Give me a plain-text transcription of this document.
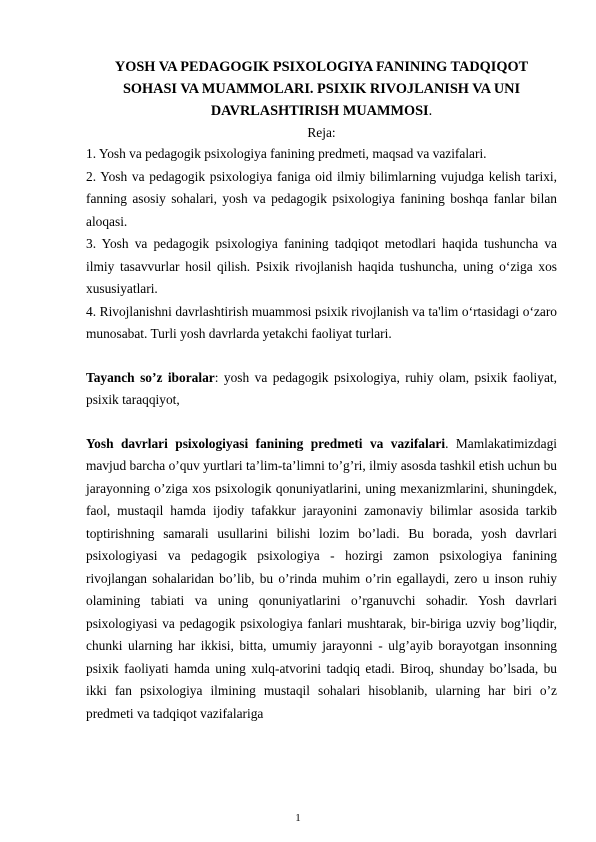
YOSH VA PEDAGOGIK PSIXOLOGIYA FANINING TADQIQOT SOHASI VA MUAMMOLARI. PSIXIK RIVOJLANISH VA UNI DAVRLASHTIRISH MUAMMOSI.
Reja:

1. Yosh va pedagogik psixologiya fanining predmeti, maqsad va vazifalari.

2. Yosh va pedagogik psixologiya faniga oid ilmiy bilimlarning vujudga kelish tarixi, fanning asosiy sohalari, yosh va pedagogik psixologiya fanining boshqa fanlar bilan aloqasi.

3. Yosh va pedagogik psixologiya fanining tadqiqot metodlari haqida tushuncha va ilmiy tasavvurlar hosil qilish. Psixik rivojlanish haqida tushuncha, uning o‘ziga xos xususiyatlari.

4. Rivojlanishni davrlashtirish muammosi psixik rivojlanish va ta'lim o‘rtasidagi o‘zaro munosabat. Turli yosh davrlarda yetakchi faoliyat turlari.

Tayanch so’z iboralar: yosh va pedagogik psixologiya, ruhiy olam, psixik faoliyat, psixik taraqqiyot,

Yosh davrlari psixologiyasi fanining predmeti va vazifalari. Mamlakatimizdagi mavjud barcha o’quv yurtlari ta’lim-ta’limni to’g’ri, ilmiy asosda tashkil etish uchun bu jarayonning o’ziga xos psixologik qonuniyatlarini, uning mexanizmlarini, shuningdek, faol, mustaqil hamda ijodiy tafakkur jarayonini zamonaviy bilimlar asosida tarkib toptirishning samarali usullarini bilishi lozim bo’ladi. Bu borada, yosh davrlari psixologiyasi va pedagogik psixologiya - hozirgi zamon psixologiya fanining rivojlangan sohalaridan bo’lib, bu o’rinda muhim o’rin egallaydi, zero u inson ruhiy olamining tabiati va uning qonuniyatlarini o’rganuvchi sohadir. Yosh davrlari psixologiyasi va pedagogik psixologiya fanlari mushtarak, bir-biriga uzviy bog’liqdir, chunki ularning har ikkisi, bitta, umumiy jarayonni - ulg’ayib borayotgan insonning psixik faoliyati hamda uning xulq-atvorini tadqiq etadi. Biroq, shunday bo’lsada, bu ikki fan psixologiya ilmining mustaqil sohalari hisoblanib, ularning har biri o’z predmeti va tadqiqot vazifalariga

1
